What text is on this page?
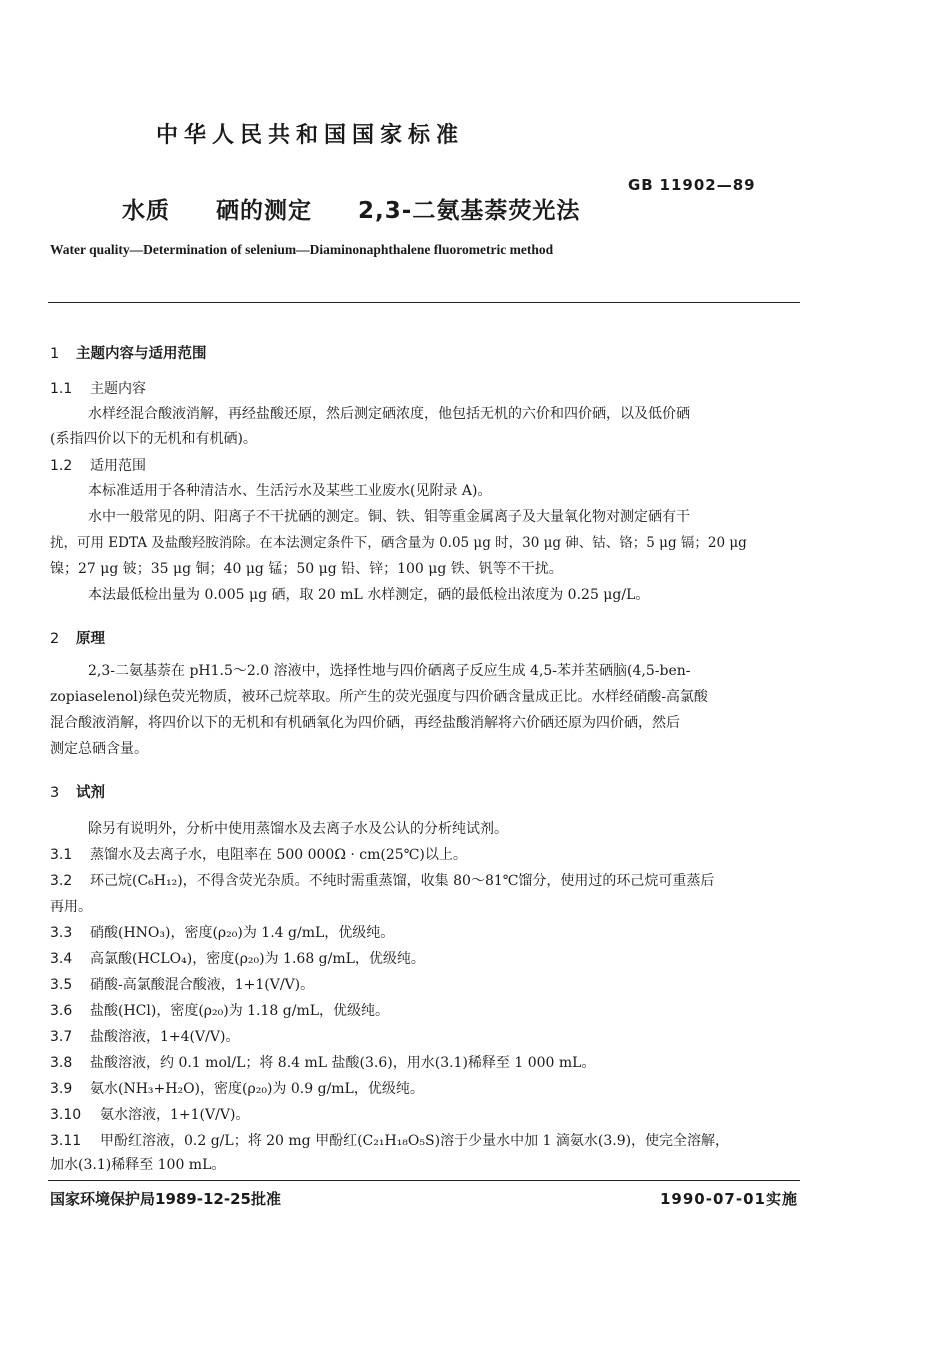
中华人民共和国国家标准
GB 11902—89
水质  硒的测定  2,3-二氨基萘荧光法
Water quality—Determination of selenium—Diaminonaphthalene fluorometric method
1 主题内容与适用范围
1.1 主题内容
水样经混合酸液消解，再经盐酸还原，然后测定硒浓度，他包括无机的六价和四价硒，以及低价硒
(系指四价以下的无机和有机硒)。
1.2 适用范围
本标准适用于各种清洁水、生活污水及某些工业废水(见附录 A)。
水中一般常见的阴、阳离子不干扰硒的测定。铜、铁、钼等重金属离子及大量氧化物对测定硒有干
扰，可用 EDTA 及盐酸羟胺消除。在本法测定条件下，硒含量为 0.05 μg 时，30 μg 砷、钴、铬；5 μg 镉；20 μg
镍；27 μg 铍；35 μg 铜；40 μg 锰；50 μg 铅、锌；100 μg 铁、钒等不干扰。
本法最低检出量为 0.005 μg 硒，取 20 mL 水样测定，硒的最低检出浓度为 0.25 μg/L。
2 原理
2,3-二氨基萘在 pH1.5～2.0 溶液中，选择性地与四价硒离子反应生成 4,5-苯并苤硒脑(4,5-ben-
zopiaselenol)绿色荧光物质，被环己烷萃取。所产生的荧光强度与四价硒含量成正比。水样经硝酸-高氯酸
混合酸液消解，将四价以下的无机和有机硒氧化为四价硒，再经盐酸消解将六价硒还原为四价硒，然后
测定总硒含量。
3 试剂
除另有说明外，分析中使用蒸馏水及去离子水及公认的分析纯试剂。
3.1 蒸馏水及去离子水，电阻率在 500 000Ω · cm(25℃)以上。
3.2 环己烷(C₆H₁₂)，不得含荧光杂质。不纯时需重蒸馏，收集 80～81℃馏分，使用过的环己烷可重蒸后
再用。
3.3 硝酸(HNO₃)，密度(ρ₂₀)为 1.4 g/mL，优级纯。
3.4 高氯酸(HCLO₄)，密度(ρ₂₀)为 1.68 g/mL，优级纯。
3.5 硝酸-高氯酸混合酸液，1+1(V/V)。
3.6 盐酸(HCl)，密度(ρ₂₀)为 1.18 g/mL，优级纯。
3.7 盐酸溶液，1+4(V/V)。
3.8 盐酸溶液，约 0.1 mol/L；将 8.4 mL 盐酸(3.6)，用水(3.1)稀释至 1 000 mL。
3.9 氨水(NH₃+H₂O)，密度(ρ₂₀)为 0.9 g/mL，优级纯。
3.10 氨水溶液，1+1(V/V)。
3.11 甲酚红溶液，0.2 g/L；将 20 mg 甲酚红(C₂₁H₁₈O₅S)溶于少量水中加 1 滴氨水(3.9)，使完全溶解，
加水(3.1)稀释至 100 mL。
国家环境保护局1989-12-25批准	1990-07-01实施
